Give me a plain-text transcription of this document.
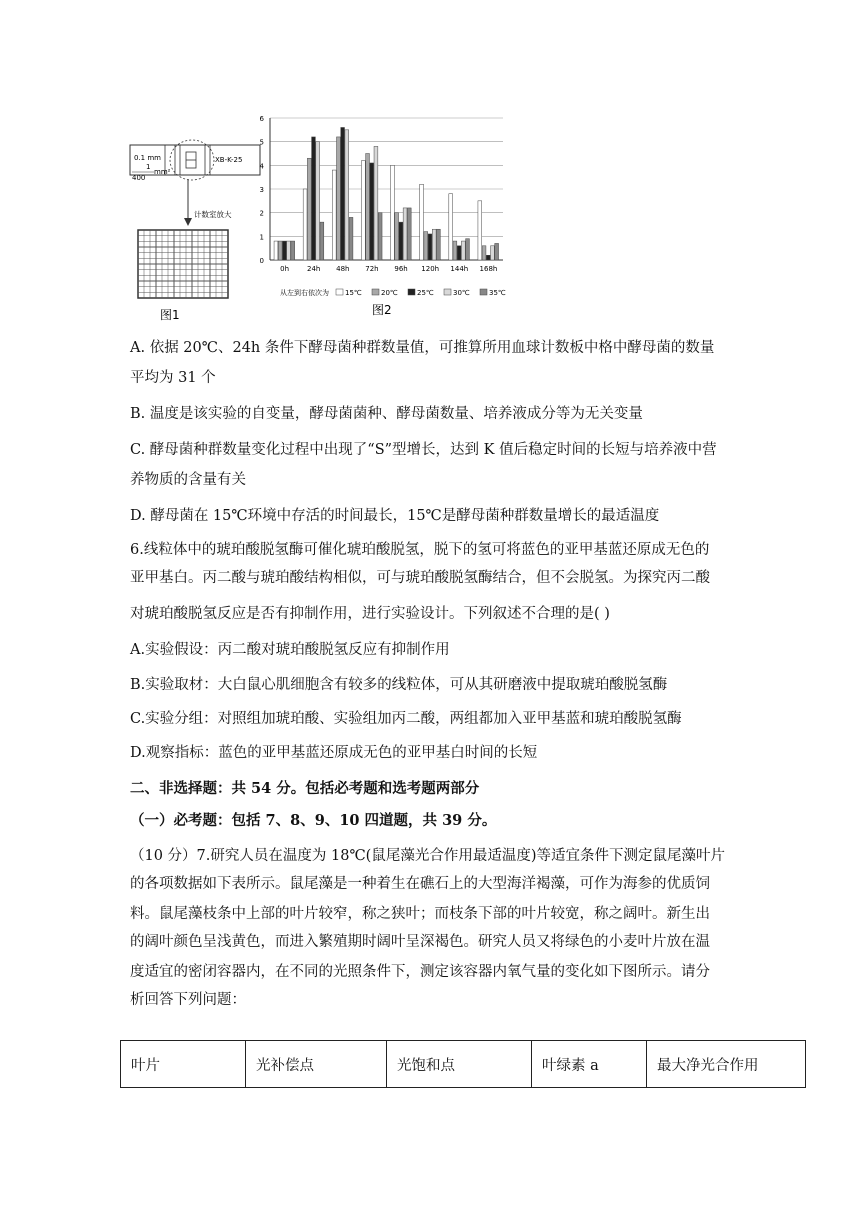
0.1 mm
1
400
mm²
XB-K-25
计数室放大
图1
0
1
2
3
4
5
6
0h	24h 48h 72h 96h 120h 144h 168h
从左到右依次为 15℃	20℃	25℃	30℃	35℃
图2
A. 依据 20℃、24h 条件下酵母菌种群数量值，可推算所用血球计数板中格中酵母菌的数量
平均为 31 个
B. 温度是该实验的自变量，酵母菌菌种、酵母菌数量、培养液成分等为无关变量
C. 酵母菌种群数量变化过程中出现了“S”型增长，达到 K 值后稳定时间的长短与培养液中营
养物质的含量有关
D. 酵母菌在 15℃环境中存活的时间最长，15℃是酵母菌种群数量增长的最适温度
6.线粒体中的琥珀酸脱氢酶可催化琥珀酸脱氢，脱下的氢可将蓝色的亚甲基蓝还原成无色的
亚甲基白。丙二酸与琥珀酸结构相似，可与琥珀酸脱氢酶结合，但不会脱氢。为探究丙二酸
对琥珀酸脱氢反应是否有抑制作用，进行实验设计。下列叙述不合理的是( )
A.实验假设：丙二酸对琥珀酸脱氢反应有抑制作用
B.实验取材：大白鼠心肌细胞含有较多的线粒体，可从其研磨液中提取琥珀酸脱氢酶
C.实验分组：对照组加琥珀酸、实验组加丙二酸，两组都加入亚甲基蓝和琥珀酸脱氢酶
D.观察指标：蓝色的亚甲基蓝还原成无色的亚甲基白时间的长短
二、非选择题：共 54 分。包括必考题和选考题两部分
（一）必考题：包括 7、8、9、10 四道题，共 39 分。
（10 分）7.研究人员在温度为 18℃(鼠尾藻光合作用最适温度)等适宜条件下测定鼠尾藻叶片
的各项数据如下表所示。鼠尾藻是一种着生在礁石上的大型海洋褐藻，可作为海参的优质饲
料。鼠尾藻枝条中上部的叶片较窄，称之狭叶；而枝条下部的叶片较宽，称之阔叶。新生出
的阔叶颜色呈浅黄色，而进入繁殖期时阔叶呈深褐色。研究人员又将绿色的小麦叶片放在温
度适宜的密闭容器内，在不同的光照条件下，测定该容器内氧气量的变化如下图所示。请分
析回答下列问题：
叶片	光补偿点	光饱和点	叶绿素 a	最大净光合作用
